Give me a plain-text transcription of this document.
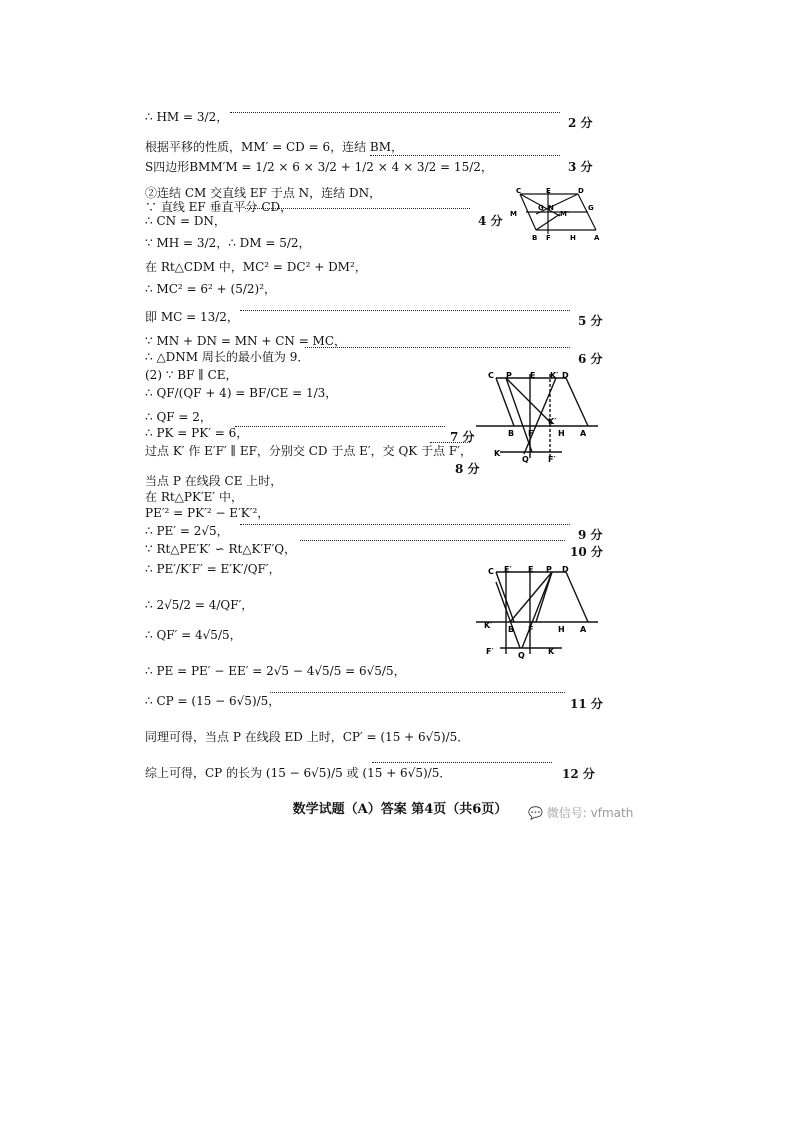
∴ HM = 3/2，	2 分
根据平移的性质，MM′ = CD = 6，连结 BM，
S四边形BMM′M = 1/2 × 6 × 3/2 + 1/2 × 4 × 3/2 = 15/2，	3 分
②连结 CM 交直线 EF 于点 N，连结 DN，
∵ 直线 EF 垂直平分 CD，
∴ CN = DN，	4 分
C	E	D
G
N
M	M′
G
B F	H	A
∵ MH = 3/2，∴ DM = 5/2，
在 Rt△CDM 中，MC² = DC² + DM²，
∴ MC² = 6² + (5/2)²，
即 MC = 13/2，	5 分
∵ MN + DN = MN + CN = MC，
∴ △DNM 周长的最小值为 9．	6 分
C P E K′ D
B F
K′
H A
K
Q F′
(2) ∵ BF ∥ CE，
∴ QF/(QF + 4) = BF/CE = 1/3，
∴ QF = 2，
∴ PK = PK′ = 6，	7 分
过点 K′ 作 E′F′ ∥ EF，分别交 CD 于点 E′，交 QK 于点 F′，
8 分
当点 P 在线段 CE 上时，
在 Rt△PK′E′ 中，
PE′² = PK′² − E′K′²，
∴ PE′ = 2√5，	9 分
∵ Rt△PE′K′ ∽ Rt△K′F′Q，	10 分
C E′ E P D
K′ B F	H A
F′	Q	K
∴ PE′/K′F′ = E′K′/QF′，
∴ 2√5/2 = 4/QF′，
∴ QF′ = 4√5/5，
∴ PE = PE′ − EE′ = 2√5 − 4√5/5 = 6√5/5，
∴ CP = (15 − 6√5)/5，	11 分
同理可得，当点 P 在线段 ED 上时，CP′ = (15 + 6√5)/5．
综上可得，CP 的长为 (15 − 6√5)/5 或 (15 + 6√5)/5．	12 分
数学试题（A）答案 第4页（共6页）	💬 微信号: vfmath
